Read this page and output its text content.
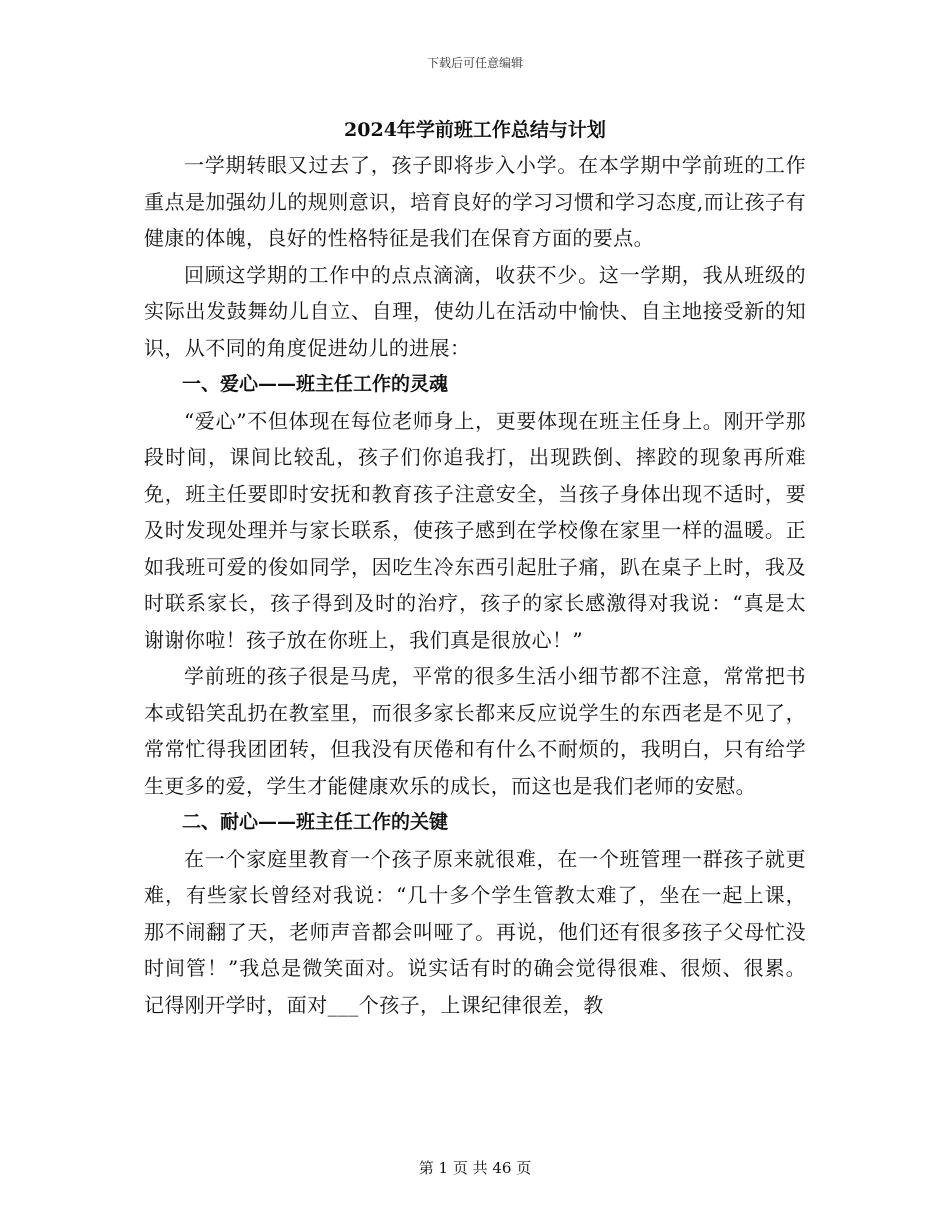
下载后可任意编辑
2024年学前班工作总结与计划

一学期转眼又过去了，孩子即将步入小学。在本学期中学前班的工作重点是加强幼儿的规则意识，培育良好的学习习惯和学习态度,而让孩子有健康的体魄，良好的性格特征是我们在保育方面的要点。

回顾这学期的工作中的点点滴滴，收获不少。这一学期，我从班级的实际出发鼓舞幼儿自立、自理，使幼儿在活动中愉快、自主地接受新的知识，从不同的角度促进幼儿的进展：

一、爱心——班主任工作的灵魂

“爱心”不但体现在每位老师身上，更要体现在班主任身上。刚开学那段时间，课间比较乱，孩子们你追我打，出现跌倒、摔跤的现象再所难免，班主任要即时安抚和教育孩子注意安全，当孩子身体出现不适时，要及时发现处理并与家长联系，使孩子感到在学校像在家里一样的温暖。正如我班可爱的俊如同学，因吃生冷东西引起肚子痛，趴在桌子上时，我及时联系家长，孩子得到及时的治疗，孩子的家长感激得对我说：“真是太谢谢你啦！孩子放在你班上，我们真是很放心！”

学前班的孩子很是马虎，平常的很多生活小细节都不注意，常常把书本或铅笑乱扔在教室里，而很多家长都来反应说学生的东西老是不见了，常常忙得我团团转，但我没有厌倦和有什么不耐烦的，我明白，只有给学生更多的爱，学生才能健康欢乐的成长，而这也是我们老师的安慰。

二、耐心——班主任工作的关键

在一个家庭里教育一个孩子原来就很难，在一个班管理一群孩子就更难，有些家长曾经对我说：“几十多个学生管教太难了，坐在一起上课，那不闹翻了天，老师声音都会叫哑了。再说，他们还有很多孩子父母忙没时间管！”我总是微笑面对。说实话有时的确会觉得很难、很烦、很累。记得刚开学时，面对___个孩子，上课纪律很差，教

第 1 页 共 46 页
